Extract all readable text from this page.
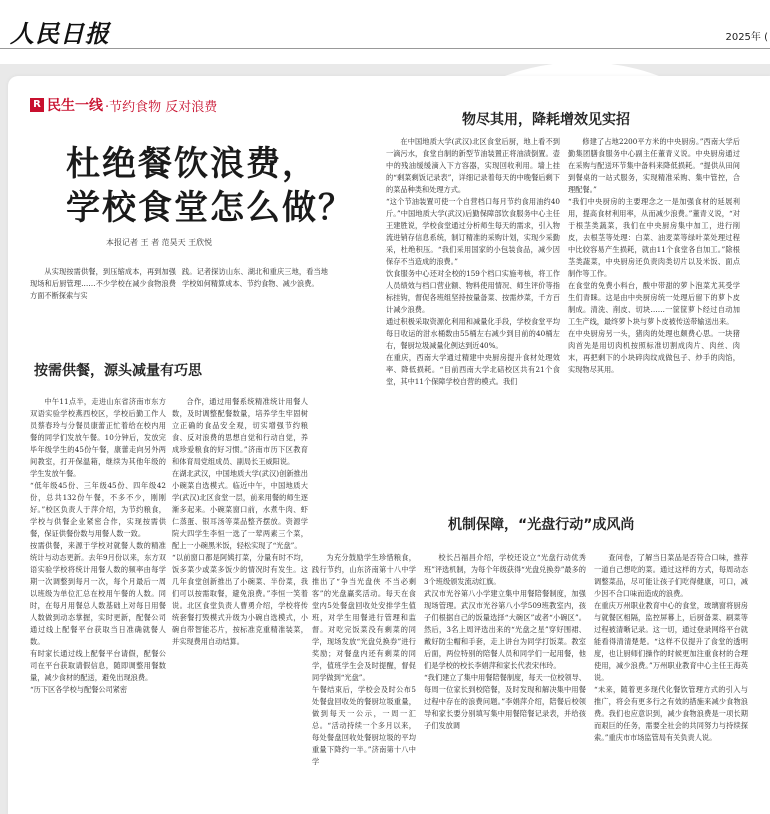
人民日报	2025年 (
R 民生一线 ·节约食物 反对浪费
杜绝餐饮浪费，
学校食堂怎么做？
本报记者 王 者 范昊天 王欣悦
从实现按需供餐，到压缩成本，再到加强现场和后厨管理……不少学校在减少食物浪费方面不断探索与实
践。记者探访山东、湖北和重庆三地，看当地学校如何精算成本、节约食物、减少浪费。
物尽其用，降耗增效见实招
在中国地质大学(武汉)北区食堂后厨，地上看不到一滴污水，食堂自制的新型节油装置正将油渍倒置。壶中的残油缓缓滴入下方容器，实现回收利用。墙上挂的“剩菜剩饭记录表”，详细记录着每天的中晚餐后剩下的菜品种类和处理方式。
“这个节油装置可使一个自营档口每月节约食用油约40斤。”中国地质大学(武汉)后勤保障部饮食服务中心主任王建胜说，学校食堂通过分析师生每天的需求，引入物流进销存信息系统，制订精准的采购计划，实现少采勤采，杜绝积压。“我们采用国家的小包装食品，减少因保存不当造成的浪费。”
饮食服务中心还对全校的159个档口实施考核，将工作人员绩效与档口营业额、物料使用情况、师生评价等指标挂钩，督促各班组坚持按量备菜、按需炒菜，千方百计减少浪费。
通过积极采取资源化利用和减量化手段，学校食堂平均每日收运的泔水桶数由55桶左右减少到目前的40桶左右，餐厨垃圾减量化例达到近40%。
在重庆，西南大学通过精建中央厨房提升食材处理效率、降低损耗。“目前西南大学北碚校区共有21个食堂，其中11个保障学校自营的模式。我们
修建了占地2200平方米的中央厨房。”西南大学后勤集团膳食服务中心副主任董青义说。中央厨房通过在采购与配送环节集中备料来降低损耗。“提供从田间到餐桌的一站式服务，实现精准采购、集中管控，合理配餐。”
“我们中央厨房的主要理念之一是加强食材的延展利用，提高食材利用率，从而减少浪费。”董青义说，“对于根茎类蔬菜，我们在中央厨房集中加工，进行削皮，去根茎等处理：白菜、油麦菜等绿叶菜处理过程中比较容易产生损耗，就由11个食堂各自加工。”除根茎类蔬菜，中央厨房还负责肉类切片以及米饭、面点制作等工作。
在食堂的免费小料台，酸中带甜的萝卜泡菜尤其受学生们青睐。这是由中央厨房统一处理后留下的萝卜皮制成。清洗、削皮、切块……一筐筐萝卜经过自动加工生产线，最终萝卜块与萝卜皮被传送带输送出来。
在中央厨房另一头，猪肉的处理也颇费心思。一块猪肉首先是用切肉机按照标准切割成肉片、肉丝、肉末，再把剩下的小块碎肉纹成做包子、炒手的肉馅，实现物尽其用。
按需供餐，源头减量有巧思
中午11点半，走进山东省济南市东方双语实验学校燕西校区，学校后勤工作人员蔡春玲与分餐员康蕾正忙着给在校内用餐的同学们发放午餐。10分钟后，发放完毕年级学生的45份午餐，康蕾走向另外两间教室，打开保温箱，继续为其他年级的学生发放午餐。
“低年级45份、三年级45份、四年级42份，总共132份午餐，不多不少，刚刚好。”校区负责人于萍介绍，为节约粮食，学校与供餐企业紧密合作，实现按需供餐，保证供餐份数与用餐人数一致。
按需供餐，来源于学校对就餐人数的精准统计与动态更新。去年9月份以来，东方双语实验学校将统计用餐人数的频率由每学期一次调整到每月一次，每个月最后一周以班级为单位汇总在校用午餐的人数。同时，在每月用餐总人数基础上对每日用餐人数做到动态掌握，实时更新，配餐公司通过线上配餐平台获取当日准确就餐人数。
有时家长通过线上配餐平台请假，配餐公司在平台获取请假信息，随即调整用餐数量，减少食材的配送，避免出现浪费。
“历下区各学校与配餐公司紧密
合作，通过用餐系统精准统计用餐人数，及时调整配餐数量，培养学生牢固树立正确的食品安全观，切实增强节约粮食、反对浪费的思想自觉和行动自觉，养成珍爱粮食的好习惯。”济南市历下区教育和体育局党组成员、副局长王威阳说。
在湖北武汉，中国地质大学(武汉)创新推出小碗菜自选模式。临近中午，中国地质大学(武汉)北区食堂一层，前来用餐的师生逐渐多起来。小碗菜窗口前，水煮牛肉、虾仁蒸蛋、银耳汤等菜品整齐摆放。资源学院大四学生李恒一选了一荤两素三个菜，配上一小碗黑米饭，轻松实现了“光盘”。
“以前窗口都是阿姨打菜，分量有时不均，饭多菜少或菜多饭少的情况时有发生。这几年食堂创新推出了小碗菜、半份菜，我们可以按需取餐，避免浪费。”李恒一笑着说。北区食堂负责人曹勇介绍，学校将传统套餐打毁模式升级为小碗自选模式，小碗自带智能芯片，按标准克重精准装菜，并实现费用自动结算。
为充分鼓励学生珍惜粮食，践行节约，山东济南第十八中学推出了“争当光盘侠 不当必剩客”的光盘赢奖活动。每天在食堂内5处餐盘回收处安排学生值班，对学生用餐进行管理和监督。对吃完饭菜没有剩菜的同学，现场发放“光盘兑换券”进行奖励；对餐盘内还有剩菜的同学，值班学生会及时提醒，督促同学做到“光盘”。
午餐结束后，学校会及时公布5处餐盘回收处的餐厨垃圾重量，做到每天一公示，一周一汇总。“活动持续一个多月以来，每处餐盘回收处餐厨垃圾的平均重量下降约一半。”济南第十八中学
机制保障，“光盘行动”成风尚
校长吕福昌介绍，学校还设立“光盘行动优秀班”评选机制，为每个年级获得“光盘兑换券”最多的3个班级颁发流动红旗。
武汉市光谷第八小学建立集中用餐陪餐制度，加强现场管理。武汉市光谷第八小学509班教室内，孩子们根据自己的饭量选择“大碗区”或者“小碗区”。然后，3名上周评选出来的“光盘之星”穿好围裙、戴好防尘帽和手套，走上讲台为同学打饭菜。教室后面，两位特别的陪餐人员和同学们一起用餐，他们是学校的校长李娟萍和家长代表宋伟玲。
“我们建立了集中用餐陪餐制度，每天一位校领导、每周一位家长到校陪餐，及时发现和解决集中用餐过程中存在的浪费问题。”李娟萍介绍，陪餐后校领导和家长要分别填写集中用餐陪餐记录表，并给孩子们发放调
查问卷，了解当日菜品是否符合口味，推荐一道自己想吃的菜。通过这样的方式，每周动态调整菜品，尽可能让孩子们吃得健康，可口，减少因不合口味而造成的浪费。
在重庆万州职业教育中心的食堂，玻璃窗将厨房与就餐区相隔，监控屏幕上，后厨备菜、刷菜等过程被清晰记录。这一切，通过登录网络平台就能看得清清楚楚。“这样不仅提升了食堂的透明度，也让厨师们操作的时候更加注重食材的合理使用，减少浪费。”万州职业教育中心主任王海英说。
“未来，随着更多现代化餐饮管理方式的引入与推广，将会有更多行之有效的措施来减少食物浪费。我们也应意识到，减少食物浪费是一项长期而艰巨的任务，需要全社会的共同努力与持续探索。”重庆市市场监管局有关负责人说。
